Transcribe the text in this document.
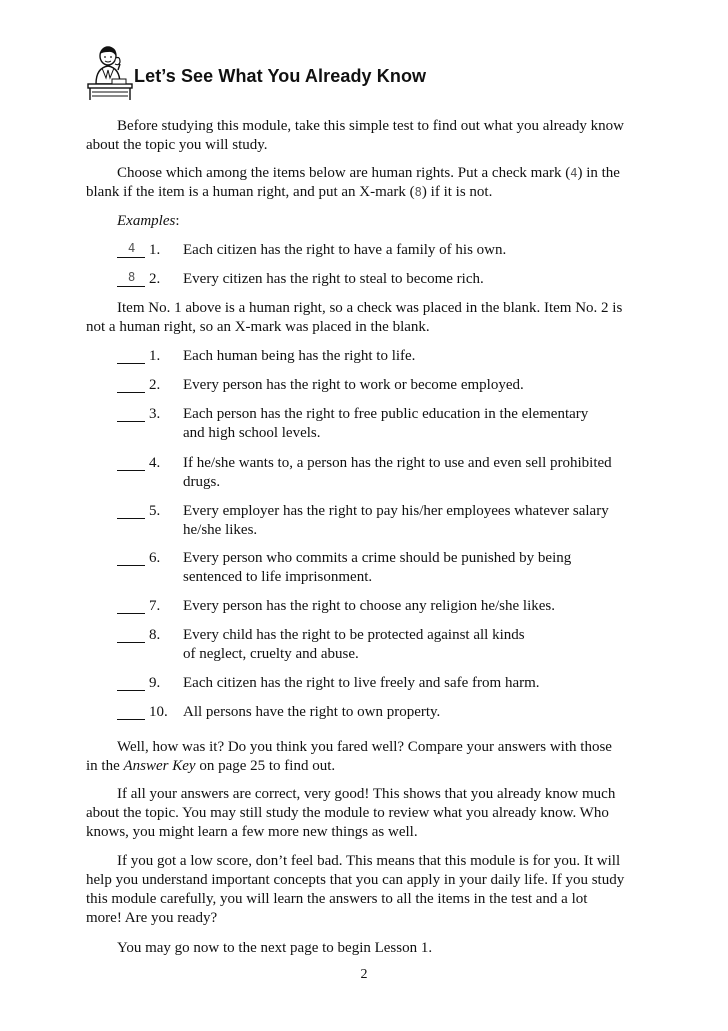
Let’s See What You Already Know

Before studying this module, take this simple test to find out what you already know about the topic you will study.

Choose which among the items below are human rights. Put a check mark (4) in the blank if the item is a human right, and put an X-mark (8) if it is not.

Examples:

4 1.	Each citizen has the right to have a family of his own.
8 2.	Every citizen has the right to steal to become rich.

Item No. 1 above is a human right, so a check was placed in the blank. Item No. 2 is not a human right, so an X-mark was placed in the blank.

1.	Each human being has the right to life.
2.	Every person has the right to work or become employed.
3.	Each person has the right to free public education in the elementary
and high school levels.
4.	If he/she wants to, a person has the right to use and even sell prohibited
drugs.
5.	Every employer has the right to pay his/her employees whatever salary
he/she likes.
6.	Every person who commits a crime should be punished by being
sentenced to life imprisonment.
7.	Every person has the right to choose any religion he/she likes.
8.	Every child has the right to be protected against all kinds
of neglect, cruelty and abuse.
9.	Each citizen has the right to live freely and safe from harm.
10.	All persons have the right to own property.

Well, how was it? Do you think you fared well? Compare your answers with those in the Answer Key on page 25 to find out.

If all your answers are correct, very good! This shows that you already know much about the topic. You may still study the module to review what you already know. Who knows, you might learn a few more new things as well.

If you got a low score, don’t feel bad. This means that this module is for you. It will help you understand important concepts that you can apply in your daily life. If you study this module carefully, you will learn the answers to all the items in the test and a lot more! Are you ready?

You may go now to the next page to begin Lesson 1.

2
